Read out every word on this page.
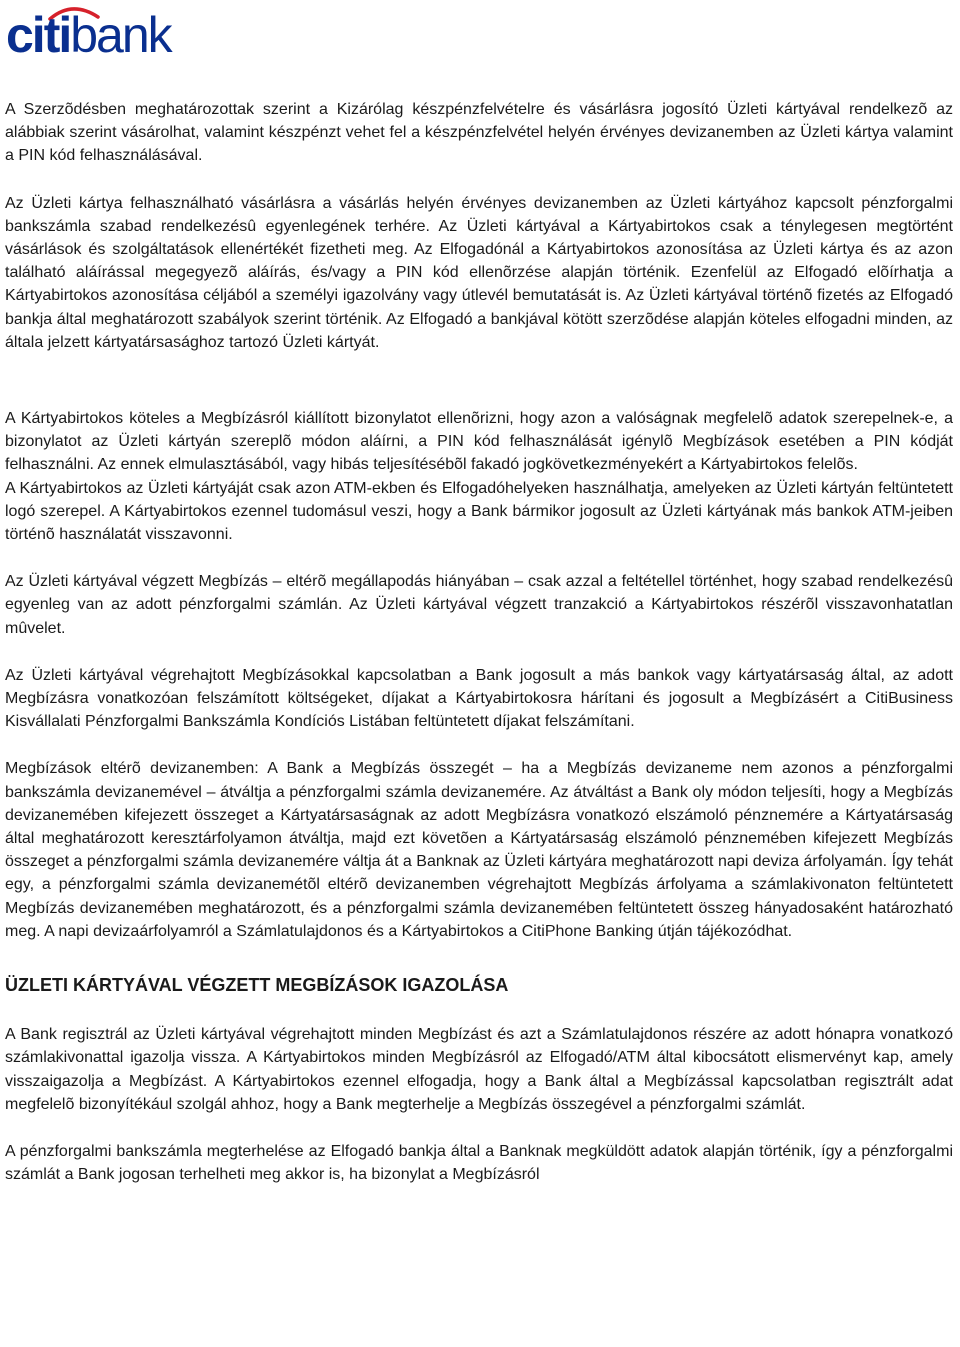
citibank

A Szerzõdésben meghatározottak szerint a Kizárólag készpénzfelvételre és vásárlásra jogosító Üzleti kártyával rendelkezõ az alábbiak szerint vásárolhat, valamint készpénzt vehet fel a készpénzfelvétel helyén érvényes devizanemben az Üzleti kártya valamint a PIN kód felhasználásával.

Az Üzleti kártya felhasználható vásárlásra a vásárlás helyén érvényes devizanemben az Üzleti kártyához kapcsolt pénzforgalmi bankszámla szabad rendelkezésû egyenlegének terhére. Az Üzleti kártyával a Kártyabirtokos csak a ténylegesen megtörtént vásárlások és szolgáltatások ellenértékét fizetheti meg. Az Elfogadónál a Kártyabirtokos azonosítása az Üzleti kártya és az azon található aláírással megegyezõ aláírás, és/vagy a PIN kód ellenõrzése alapján történik. Ezenfelül az Elfogadó elõírhatja a Kártyabirtokos azonosítása céljából a személyi igazolvány vagy útlevél bemutatását is. Az Üzleti kártyával történõ fizetés az Elfogadó bankja által meghatározott szabályok szerint történik. Az Elfogadó a bankjával kötött szerzõdése alapján köteles elfogadni minden, az általa jelzett kártyatársasághoz tartozó Üzleti kártyát.

A Kártyabirtokos köteles a Megbízásról kiállított bizonylatot ellenõrizni, hogy azon a valóságnak megfelelõ adatok szerepelnek-e, a bizonylatot az Üzleti kártyán szereplõ módon aláírni, a PIN kód felhasználását igénylõ Megbízások esetében a PIN kódját felhasználni. Az ennek elmulasztásából, vagy hibás teljesítésébõl fakadó jogkövetkezményekért a Kártyabirtokos felelõs.

A Kártyabirtokos az Üzleti kártyáját csak azon ATM-ekben és Elfogadóhelyeken használhatja, amelyeken az Üzleti kártyán feltüntetett logó szerepel. A Kártyabirtokos ezennel tudomásul veszi, hogy a Bank bármikor jogosult az Üzleti kártyának más bankok ATM-jeiben történõ használatát visszavonni.

Az Üzleti kártyával végzett Megbízás – eltérõ megállapodás hiányában – csak azzal a feltétellel történhet, hogy szabad rendelkezésû egyenleg van az adott pénzforgalmi számlán. Az Üzleti kártyával végzett tranzakció a Kártyabirtokos részérõl visszavonhatatlan mûvelet.

Az Üzleti kártyával végrehajtott Megbízásokkal kapcsolatban a Bank jogosult a más bankok vagy kártyatársaság által, az adott Megbízásra vonatkozóan felszámított költségeket, díjakat a Kártyabirtokosra hárítani és jogosult a Megbízásért a CitiBusiness Kisvállalati Pénzforgalmi Bankszámla Kondíciós Listában feltüntetett díjakat felszámítani.

Megbízások eltérõ devizanemben: A Bank a Megbízás összegét – ha a Megbízás devizaneme nem azonos a pénzforgalmi bankszámla devizanemével – átváltja a pénzforgalmi számla devizanemére. Az átváltást a Bank oly módon teljesíti, hogy a Megbízás devizanemében kifejezett összeget a Kártyatársaságnak az adott Megbízásra vonatkozó elszámoló pénznemére a Kártyatársaság által meghatározott keresztárfolyamon átváltja, majd ezt követõen a Kártyatársaság elszámoló pénznemében kifejezett Megbízás összeget a pénzforgalmi számla devizanemére váltja át a Banknak az Üzleti kártyára meghatározott napi deviza árfolyamán. Így tehát egy, a pénzforgalmi számla devizanemétõl eltérõ devizanemben végrehajtott Megbízás árfolyama a számlakivonaton feltüntetett Megbízás devizanemében meghatározott, és a pénzforgalmi számla devizanemében feltüntetett összeg hányadosaként határozható meg. A napi devizaárfolyamról a Számlatulajdonos és a Kártyabirtokos a CitiPhone Banking útján tájékozódhat.

ÜZLETI KÁRTYÁVAL VÉGZETT MEGBÍZÁSOK IGAZOLÁSA

A Bank regisztrál az Üzleti kártyával végrehajtott minden Megbízást és azt a Számlatulajdonos részére az adott hónapra vonatkozó számlakivonattal igazolja vissza. A Kártyabirtokos minden Megbízásról az Elfogadó/ATM által kibocsátott elismervényt kap, amely visszaigazolja a Megbízást. A Kártyabirtokos ezennel elfogadja, hogy a Bank által a Megbízással kapcsolatban regisztrált adat megfelelõ bizonyítékául szolgál ahhoz, hogy a Bank megterhelje a Megbízás összegével a pénzforgalmi számlát.

A pénzforgalmi bankszámla megterhelése az Elfogadó bankja által a Banknak megküldött adatok alapján történik, így a pénzforgalmi számlát a Bank jogosan terhelheti meg akkor is, ha bizonylat a Megbízásról
